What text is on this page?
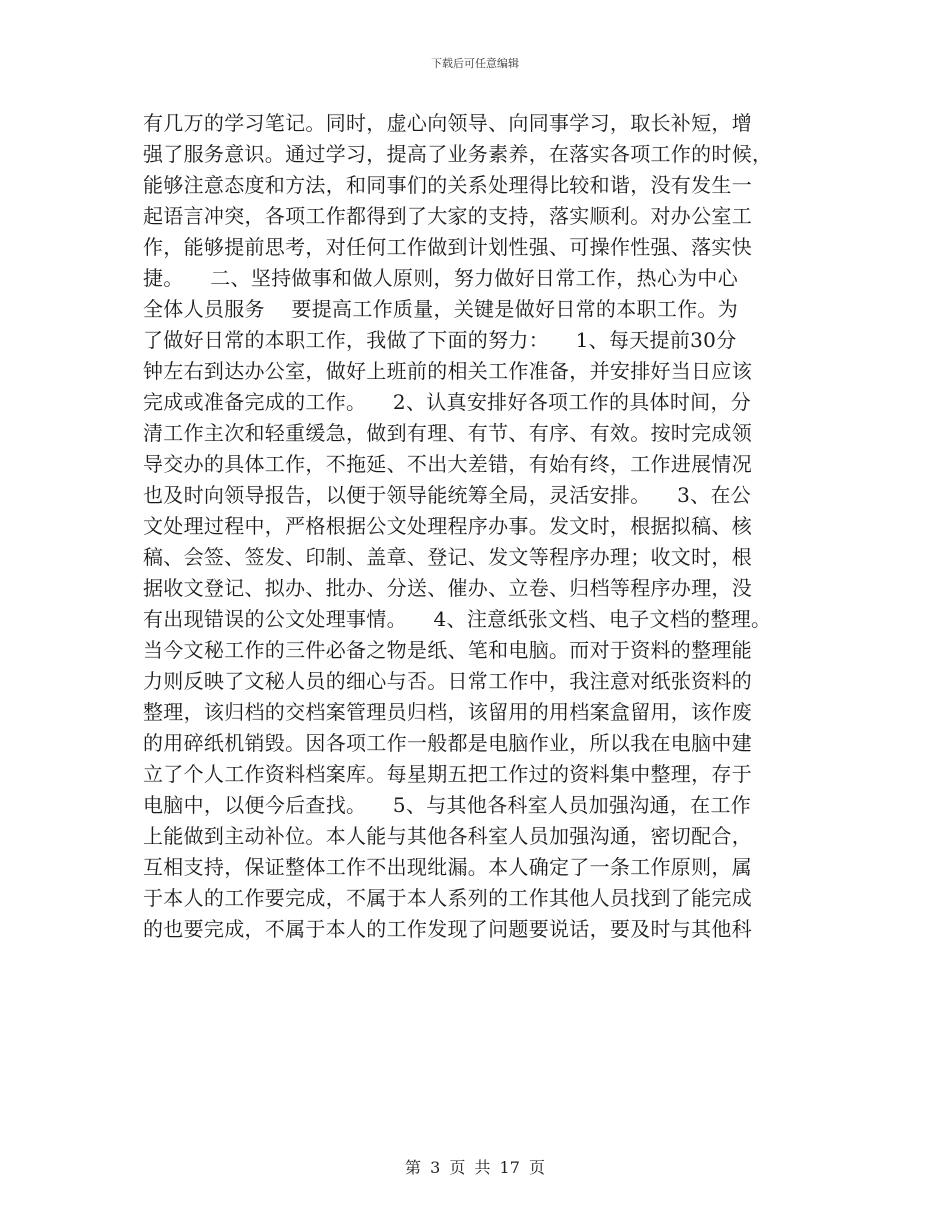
下载后可任意编辑
有几万的学习笔记。同时，虚心向领导、向同事学习，取长补短，增
强了服务意识。通过学习，提高了业务素养，在落实各项工作的时候，
能够注意态度和方法，和同事们的关系处理得比较和谐，没有发生一
起语言冲突，各项工作都得到了大家的支持，落实顺利。对办公室工
作，能够提前思考，对任何工作做到计划性强、可操作性强、落实快
捷。    二、坚持做事和做人原则，努力做好日常工作，热心为中心
全体人员服务    要提高工作质量，关键是做好日常的本职工作。为
了做好日常的本职工作，我做了下面的努力：    1、每天提前30分
钟左右到达办公室，做好上班前的相关工作准备，并安排好当日应该
完成或准备完成的工作。    2、认真安排好各项工作的具体时间，分
清工作主次和轻重缓急，做到有理、有节、有序、有效。按时完成领
导交办的具体工作，不拖延、不出大差错，有始有终，工作进展情况
也及时向领导报告，以便于领导能统筹全局，灵活安排。    3、在公
文处理过程中，严格根据公文处理程序办事。发文时，根据拟稿、核
稿、会签、签发、印制、盖章、登记、发文等程序办理；收文时，根
据收文登记、拟办、批办、分送、催办、立卷、归档等程序办理，没
有出现错误的公文处理事情。    4、注意纸张文档、电子文档的整理。
当今文秘工作的三件必备之物是纸、笔和电脑。而对于资料的整理能
力则反映了文秘人员的细心与否。日常工作中，我注意对纸张资料的
整理，该归档的交档案管理员归档，该留用的用档案盒留用，该作废
的用碎纸机销毁。因各项工作一般都是电脑作业，所以我在电脑中建
立了个人工作资料档案库。每星期五把工作过的资料集中整理，存于
电脑中，以便今后查找。    5、与其他各科室人员加强沟通，在工作
上能做到主动补位。本人能与其他各科室人员加强沟通，密切配合，
互相支持，保证整体工作不出现纰漏。本人确定了一条工作原则，属
于本人的工作要完成，不属于本人系列的工作其他人员找到了能完成
的也要完成，不属于本人的工作发现了问题要说话，要及时与其他科
第 3 页 共 17 页
